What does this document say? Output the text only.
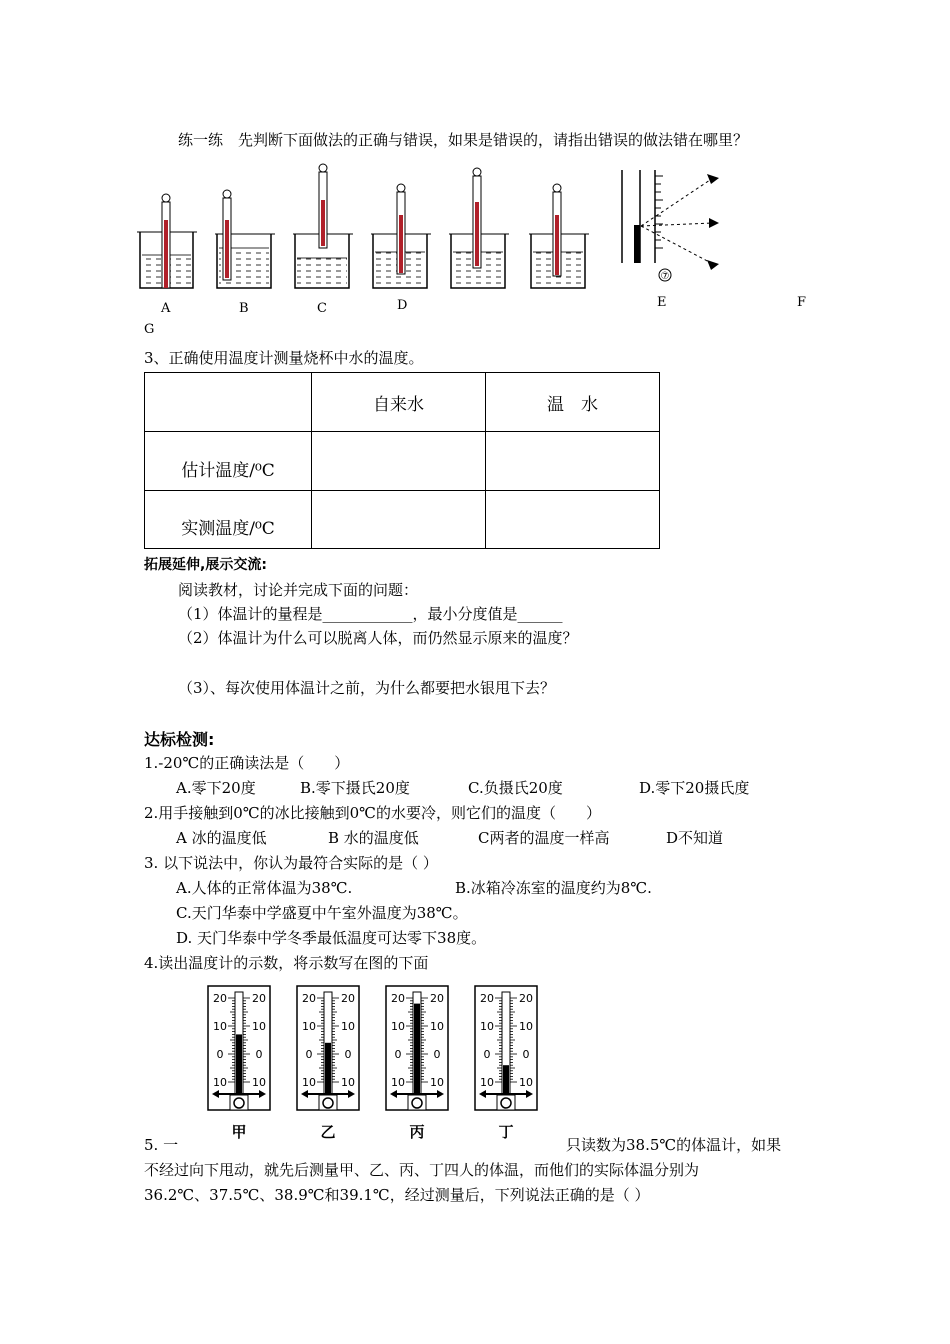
练一练　先判断下面做法的正确与错误，如果是错误的，请指出错误的做法错在哪里？
⑦
A	B	C	D	E	F
G
3、正确使用温度计测量烧杯中水的温度。
	自来水	温　水
估计温度/⁰C		
实测温度/⁰C		
拓展延伸,展示交流:
阅读教材，讨论并完成下面的问题：
（1）体温计的量程是____________，最小分度值是______
（2）体温计为什么可以脱离人体，而仍然显示原来的温度？
（3）、每次使用体温计之前，为什么都要把水银甩下去？
达标检测:
1.-20℃的正确读法是（　　）
A.零下20度	B.零下摄氏20度	C.负摄氏20度	D.零下20摄氏度
2.用手接触到0℃的冰比接触到0℃的水要冷，则它们的温度（　　）
A 冰的温度低	B 水的温度低	C两者的温度一样高	D不知道
3. 以下说法中，你认为最符合实际的是（ ）
A.人体的正常体温为38℃.	B.冰箱冷冻室的温度约为8℃.
C.天门华泰中学盛夏中午室外温度为38℃。
D. 天门华泰中学冬季最低温度可达零下38度。
4.读出温度计的示数，将示数写在图的下面
20 20
10 10
0	0
10 10
甲
20 20
10 10
0	0
10 10
乙
20 20
10 10
0	0
10 10
丙
20 20
10 10
0	0
10 10
丁
5. 一	只读数为38.5℃的体温计，如果
不经过向下甩动，就先后测量甲、乙、丙、丁四人的体温，而他们的实际体温分别为
36.2℃、37.5℃、38.9℃和39.1℃，经过测量后，下列说法正确的是（ ）
